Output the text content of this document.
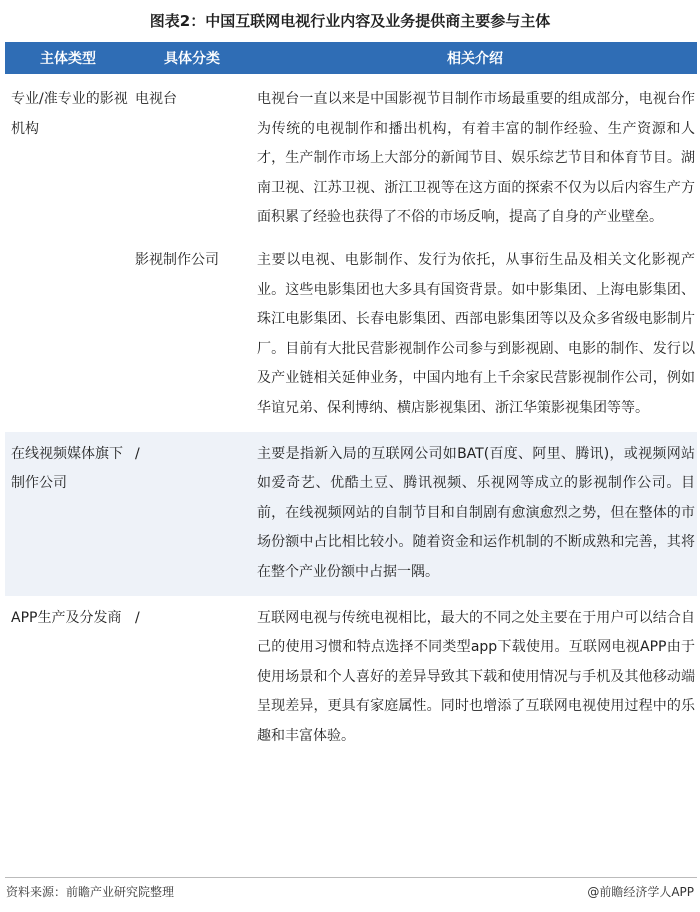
图表2：中国互联网电视行业内容及业务提供商主要参与主体
主体类型	具体分类	相关介绍
专业/准专业的影视机构	电视台	电视台一直以来是中国影视节目制作市场最重要的组成部分，电视台作为传统的电视制作和播出机构，有着丰富的制作经验、生产资源和人才，生产制作市场上大部分的新闻节目、娱乐综艺节目和体育节目。湖南卫视、江苏卫视、浙江卫视等在这方面的探索不仅为以后内容生产方面积累了经验也获得了不俗的市场反响，提高了自身的产业壁垒。
	影视制作公司	主要以电视、电影制作、发行为依托，从事衍生品及相关文化影视产业。这些电影集团也大多具有国资背景。如中影集团、上海电影集团、珠江电影集团、长春电影集团、西部电影集团等以及众多省级电影制片厂。目前有大批民营影视制作公司参与到影视剧、电影的制作、发行以及产业链相关延伸业务，中国内地有上千余家民营影视制作公司，例如华谊兄弟、保利博纳、横店影视集团、浙江华策影视集团等等。
在线视频媒体旗下制作公司	/	主要是指新入局的互联网公司如BAT(百度、阿里、腾讯)，或视频网站如爱奇艺、优酷土豆、腾讯视频、乐视网等成立的影视制作公司。目前，在线视频网站的自制节目和自制剧有愈演愈烈之势，但在整体的市场份额中占比相比较小。随着资金和运作机制的不断成熟和完善，其将在整个产业份额中占据一隅。
APP生产及分发商	/	互联网电视与传统电视相比，最大的不同之处主要在于用户可以结合自己的使用习惯和特点选择不同类型app下载使用。互联网电视APP由于使用场景和个人喜好的差异导致其下载和使用情况与手机及其他移动端呈现差异，更具有家庭属性。同时也增添了互联网电视使用过程中的乐趣和丰富体验。
资料来源：前瞻产业研究院整理	@前瞻经济学人APP
